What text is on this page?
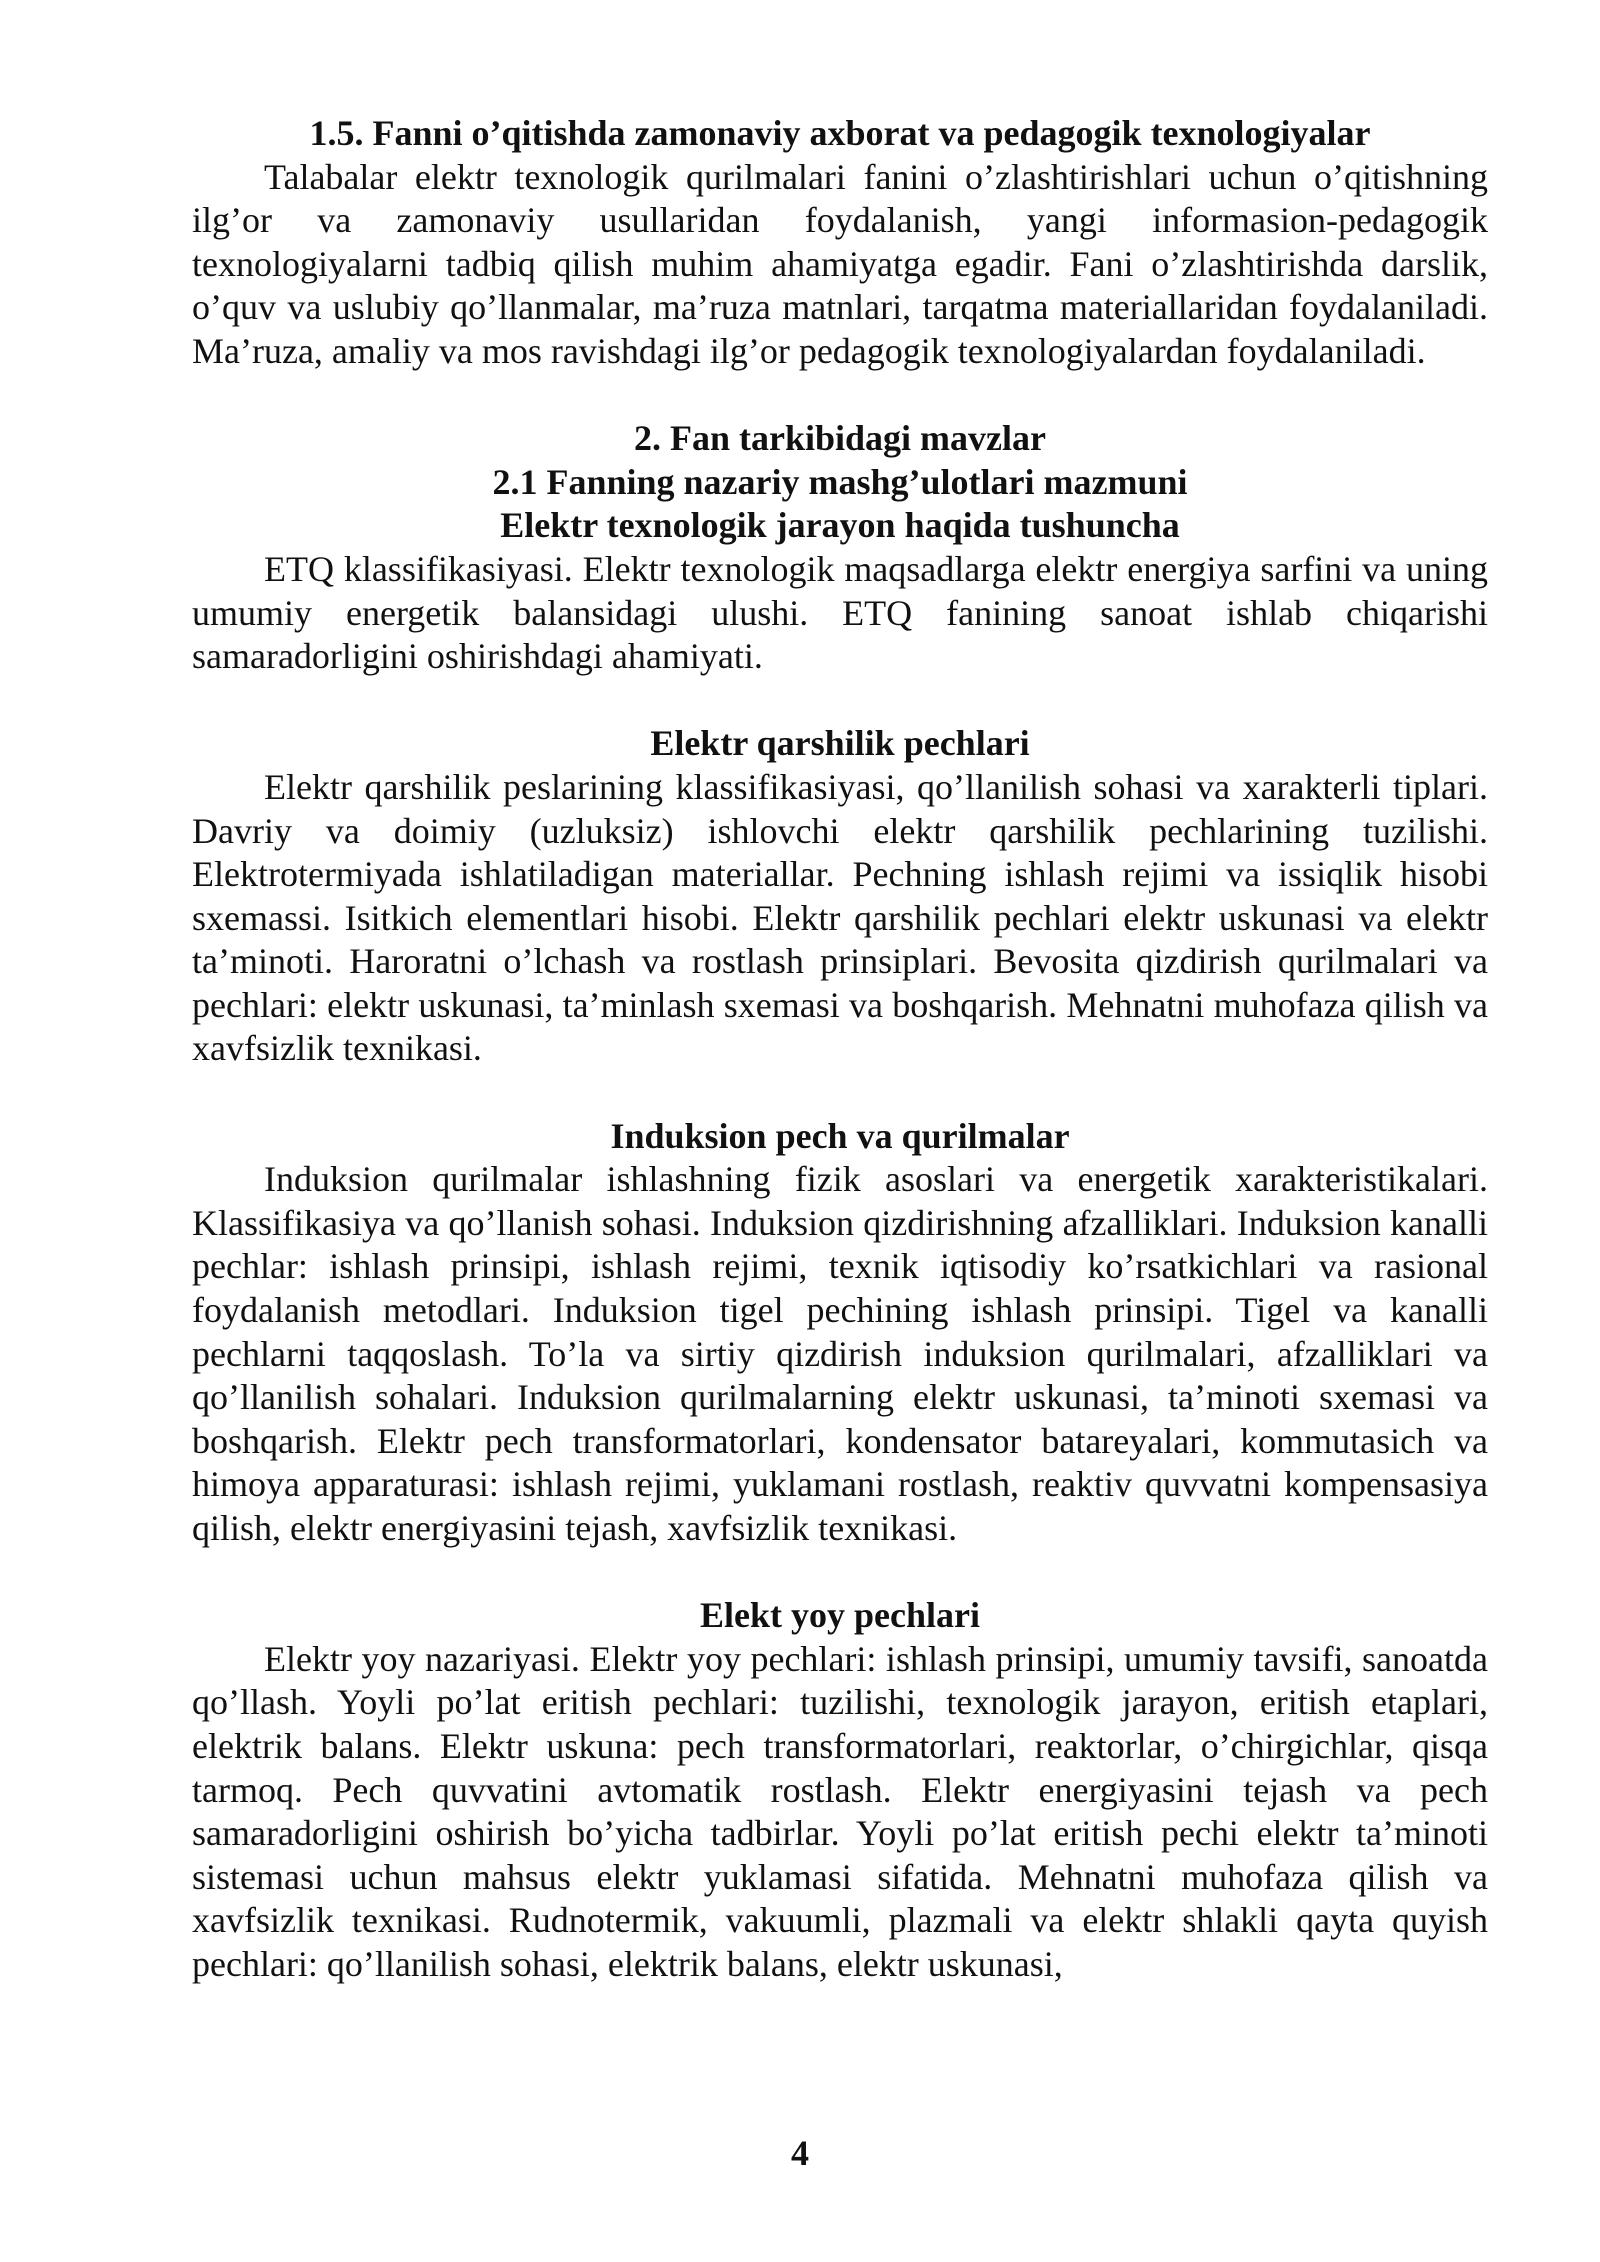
1.5. Fanni o’qitishda zamonaviy axborat va pedagogik texnologiyalar

Talabalar elektr texnologik qurilmalari fanini o’zlashtirishlari uchun o’qitishning ilg’or va zamonaviy usullaridan foydalanish, yangi informasion-pedagogik texnologiyalarni tadbiq qilish muhim ahamiyatga egadir. Fani o’zlashtirishda darslik, o’quv va uslubiy qo’llanmalar, ma’ruza matnlari, tarqatma materiallaridan foydalaniladi. Ma’ruza, amaliy va mos ravishdagi ilg’or pedagogik texnologiyalardan foydalaniladi.

2. Fan tarkibidagi mavzlar

2.1 Fanning nazariy mashg’ulotlari mazmuni

Elektr texnologik jarayon haqida tushuncha

ETQ klassifikasiyasi. Elektr texnologik maqsadlarga elektr energiya sarfini va uning umumiy energetik balansidagi ulushi. ETQ fanining sanoat ishlab chiqarishi samaradorligini oshirishdagi ahamiyati.

Elektr qarshilik pechlari

Elektr qarshilik peslarining klassifikasiyasi, qo’llanilish sohasi va xarakterli tiplari. Davriy va doimiy (uzluksiz) ishlovchi elektr qarshilik pechlarining tuzilishi. Elektrotermiyada ishlatiladigan materiallar. Pechning ishlash rejimi va issiqlik hisobi sxemassi. Isitkich elementlari hisobi. Elektr qarshilik pechlari elektr uskunasi va elektr ta’minoti. Haroratni o’lchash va rostlash prinsiplari. Bevosita qizdirish qurilmalari va pechlari: elektr uskunasi, ta’minlash sxemasi va boshqarish. Mehnatni muhofaza qilish va xavfsizlik texnikasi.

Induksion pech va qurilmalar

Induksion qurilmalar ishlashning fizik asoslari va energetik xarakteristikalari. Klassifikasiya va qo’llanish sohasi. Induksion qizdirishning afzalliklari. Induksion kanalli pechlar: ishlash prinsipi, ishlash rejimi, texnik iqtisodiy ko’rsatkichlari va rasional foydalanish metodlari. Induksion tigel pechining ishlash prinsipi. Tigel va kanalli pechlarni taqqoslash. To’la va sirtiy qizdirish induksion qurilmalari, afzalliklari va qo’llanilish sohalari. Induksion qurilmalarning elektr uskunasi, ta’minoti sxemasi va boshqarish. Elektr pech transformatorlari, kondensator batareyalari, kommutasich va himoya apparaturasi: ishlash rejimi, yuklamani rostlash, reaktiv quvvatni kompensasiya qilish, elektr energiyasini tejash, xavfsizlik texnikasi.

Elekt yoy pechlari

Elektr yoy nazariyasi. Elektr yoy pechlari: ishlash prinsipi, umumiy tavsifi, sanoatda qo’llash. Yoyli po’lat eritish pechlari: tuzilishi, texnologik jarayon, eritish etaplari, elektrik balans. Elektr uskuna: pech transformatorlari, reaktorlar, o’chirgichlar, qisqa tarmoq. Pech quvvatini avtomatik rostlash. Elektr energiyasini tejash va pech samaradorligini oshirish bo’yicha tadbirlar. Yoyli po’lat eritish pechi elektr ta’minoti sistemasi uchun mahsus elektr yuklamasi sifatida. Mehnatni muhofaza qilish va xavfsizlik texnikasi. Rudnotermik, vakuumli, plazmali va elektr shlakli qayta quyish pechlari: qo’llanilish sohasi, elektrik balans, elektr uskunasi,

4
